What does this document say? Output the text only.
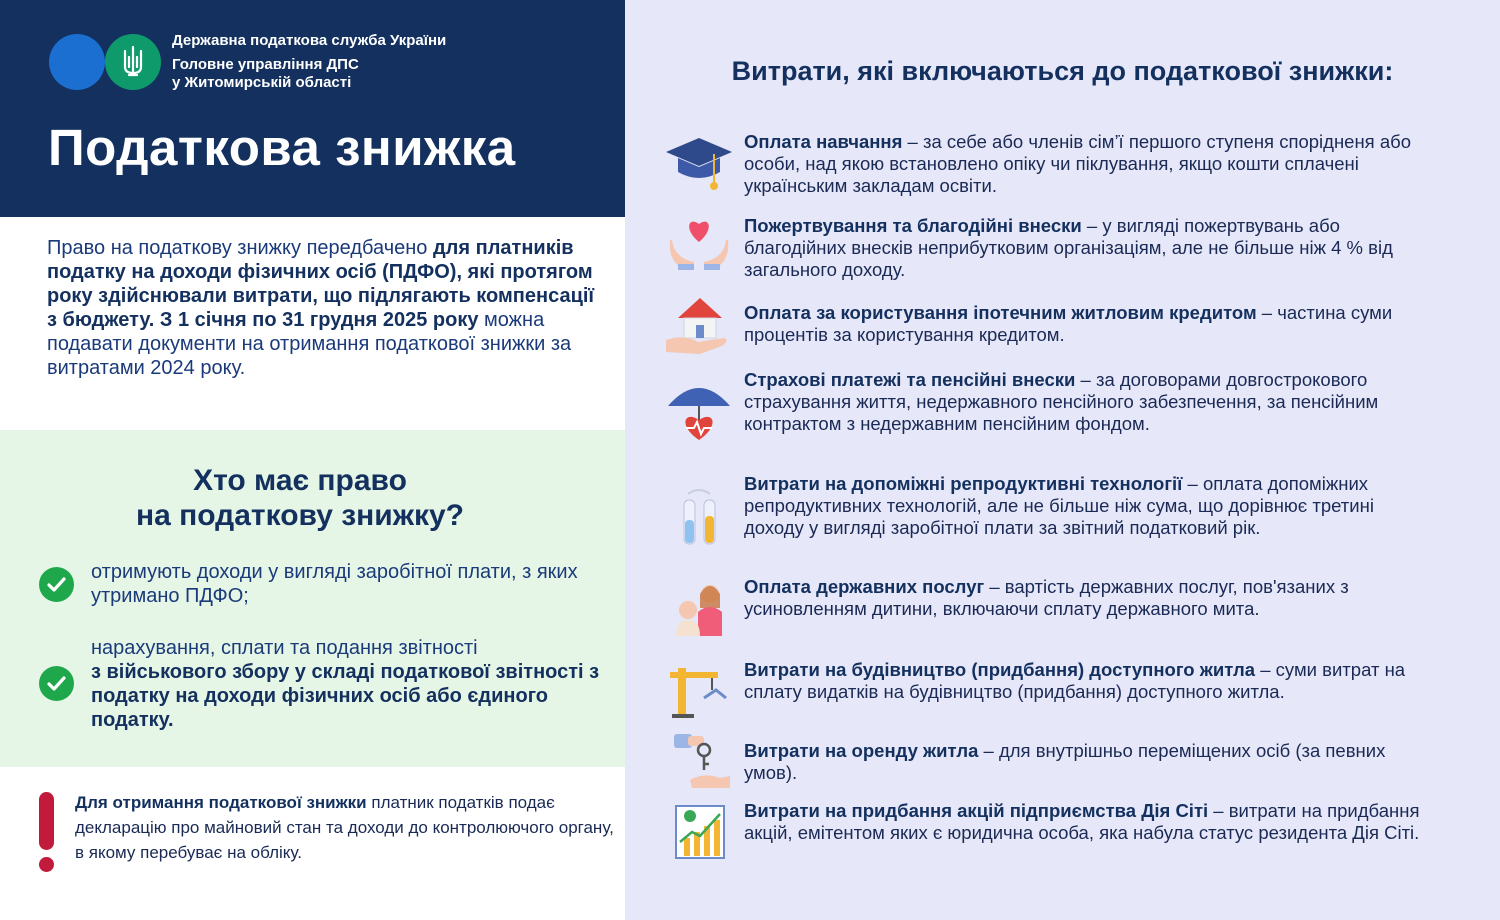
Державна податкова служба України
Головне управління ДПС
у Житомирській області
Податкова знижка
Право на податкову знижку передбачено для платників податку на доходи фізичних осіб (ПДФО), які протягом року здійснювали витрати, що підлягають компенсації з бюджету. З 1 січня по 31 грудня 2025 року можна подавати документи на отримання податкової знижки за витратами 2024 року.
Хто має право
на податкову знижку?
отримують доходи у вигляді заробітної плати, з яких утримано ПДФО;
нарахування, сплати та подання звітності
з військового збору у складі податкової звітності з податку на доходи фізичних осіб або єдиного податку.
Для отримання податкової знижки платник податків подає декларацію про майновий стан та доходи до контролюючого органу, в якому перебуває на обліку.
Витрати, які включаються до податкової знижки:
Оплата навчання – за себе або членів сім’ї першого ступеня спорідненя або особи, над якою встановлено опіку чи піклування, якщо кошти сплачені українським закладам освіти.
Пожертвування та благодійні внески – у вигляді пожертвувань або благодійних внесків неприбутковим організаціям, але не більше ніж 4 % від загального доходу.
Оплата за користування іпотечним житловим кредитом – частина суми процентів за користування кредитом.
Страхові платежі та пенсійні внески – за договорами довгострокового страхування життя, недержавного пенсійного забезпечення, за пенсійним контрактом з недержавним пенсійним фондом.
Витрати на допоміжні репродуктивні технології – оплата допоміжних репродуктивних технологій, але не більше ніж сума, що дорівнює третині доходу у вигляді заробітної плати за звітний податковий рік.
Оплата державних послуг – вартість державних послуг, пов'язаних з усиновленням дитини, включаючи сплату державного мита.
Витрати на будівництво (придбання) доступного житла – суми витрат на сплату видатків на будівництво (придбання) доступного житла.
Витрати на оренду житла – для внутрішньо переміщених осіб (за певних умов).
Витрати на придбання акцій підприємства Дія Сіті – витрати на придбання акцій, емітентом яких є юридична особа, яка набула статус резидента Дія Сіті.
